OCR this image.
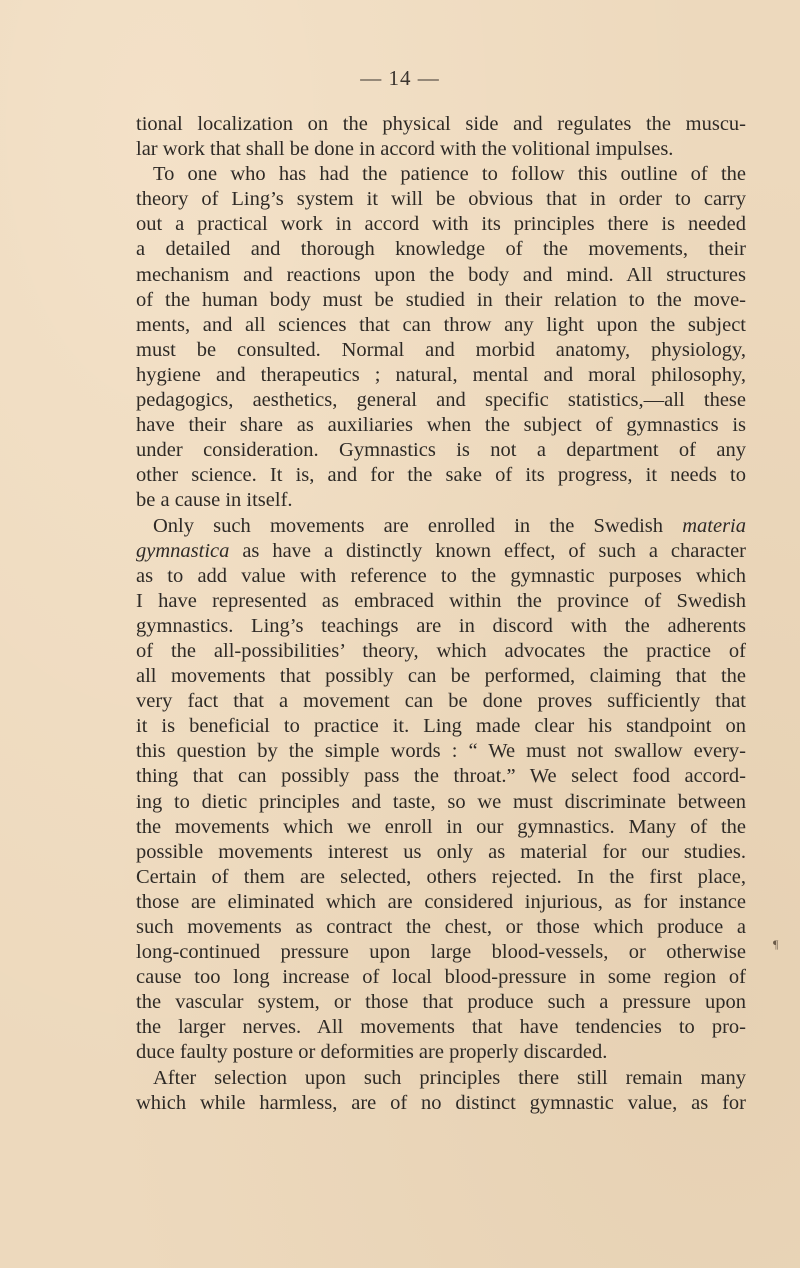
— 14 —
tional localization on the physical side and regulates the muscu-
lar work that shall be done in accord with the volitional impulses.
To one who has had the patience to follow this outline of the
theory of Ling’s system it will be obvious that in order to carry
out a practical work in accord with its principles there is needed
a detailed and thorough knowledge of the movements, their
mechanism and reactions upon the body and mind. All structures
of the human body must be studied in their relation to the move-
ments, and all sciences that can throw any light upon the subject
must be consulted. Normal and morbid anatomy, physiology,
hygiene and therapeutics ; natural, mental and moral philosophy,
pedagogics, aesthetics, general and specific statistics,—all these
have their share as auxiliaries when the subject of gymnastics is
under consideration. Gymnastics is not a department of any
other science. It is, and for the sake of its progress, it needs to
be a cause in itself.
Only such movements are enrolled in the Swedish materia
gymnastica as have a distinctly known effect, of such a character
as to add value with reference to the gymnastic purposes which
I have represented as embraced within the province of Swedish
gymnastics. Ling’s teachings are in discord with the adherents
of the all-possibilities’ theory, which advocates the practice of
all movements that possibly can be performed, claiming that the
very fact that a movement can be done proves sufficiently that
it is beneficial to practice it. Ling made clear his standpoint on
this question by the simple words : “ We must not swallow every-
thing that can possibly pass the throat.” We select food accord-
ing to dietic principles and taste, so we must discriminate between
the movements which we enroll in our gymnastics. Many of the
possible movements interest us only as material for our studies.
Certain of them are selected, others rejected. In the first place,
those are eliminated which are considered injurious, as for instance
such movements as contract the chest, or those which produce a
long-continued pressure upon large blood-vessels, or otherwise
cause too long increase of local blood-pressure in some region of
the vascular system, or those that produce such a pressure upon
the larger nerves. All movements that have tendencies to pro-
duce faulty posture or deformities are properly discarded.
After selection upon such principles there still remain many
which while harmless, are of no distinct gymnastic value, as for
¶
